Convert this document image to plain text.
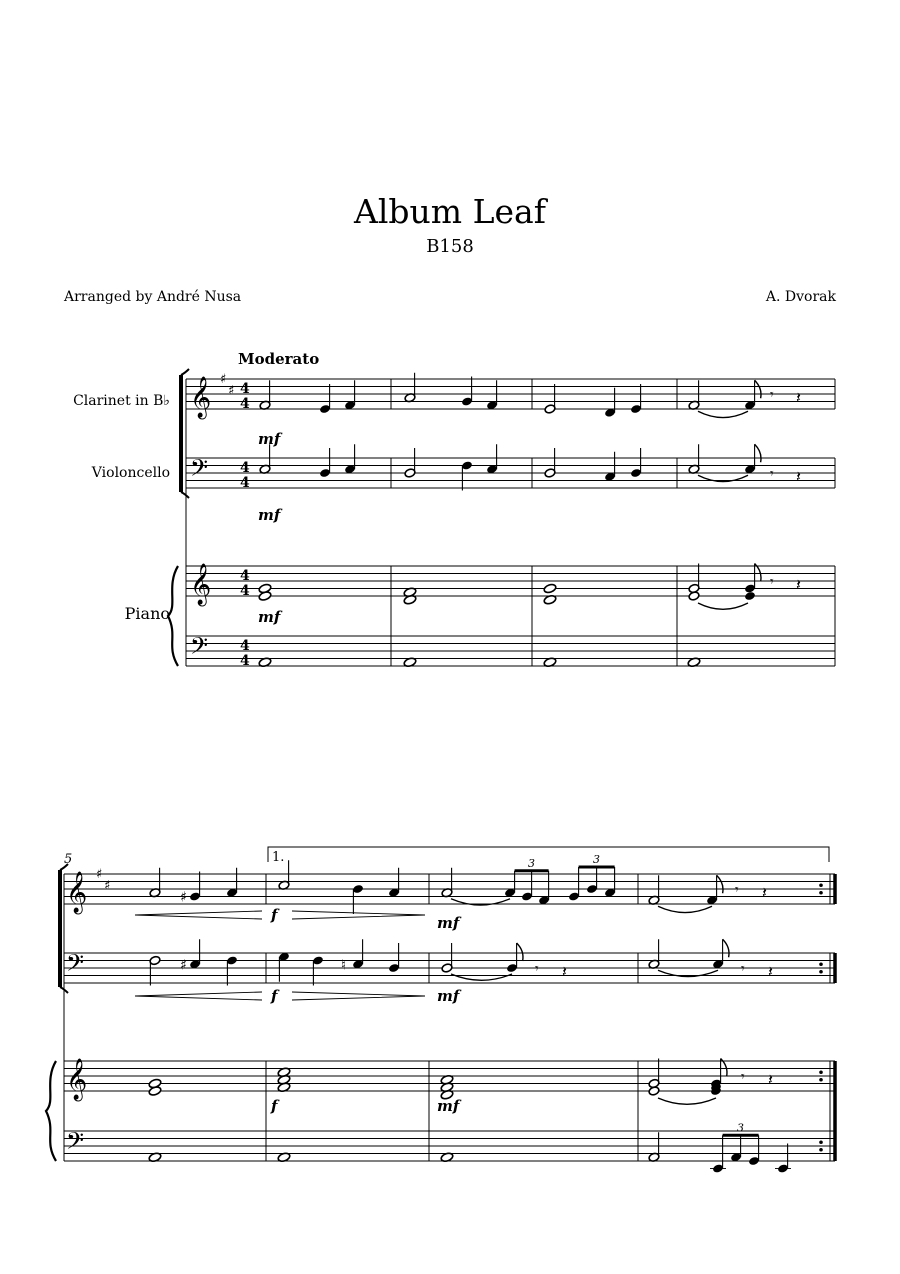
Album Leaf
B158
Arranged by André Nusa	A. Dvorak
Moderato
Clarinet in B♭
Violoncello
Piano
𝄞 ♯
♯ 4
4
𝄢 4
4
𝄞 4
4
𝄢 4
4
𝄾 𝄽
mf
𝄾 𝄽
mf
𝄾 𝄽
mf
5
𝄞 ♯
♯
𝄢
𝄞
𝄢
1.
♯
3	3
𝄾 𝄽
f	mf
♯	♮	𝄾 𝄽	𝄾 𝄽
f	mf
𝄾 𝄽
f	mf
3
